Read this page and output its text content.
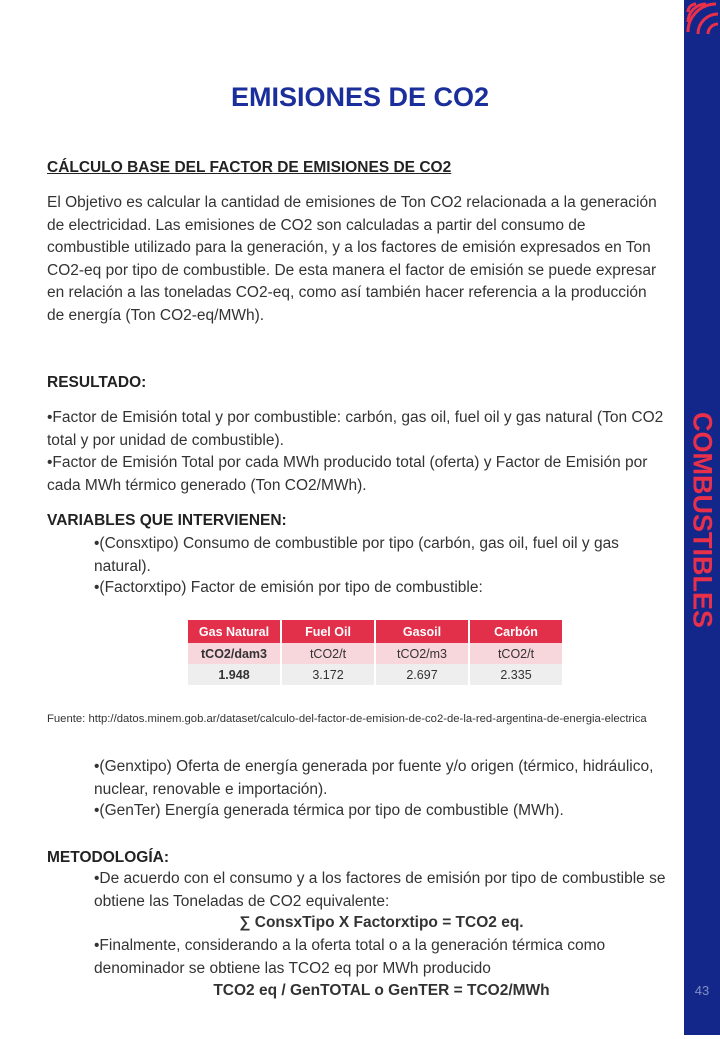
COMBUSTIBLES
43
EMISIONES DE CO2
CÁLCULO BASE DEL FACTOR DE EMISIONES DE CO2

El Objetivo es calcular la cantidad de emisiones de Ton CO2 relacionada a la generación de electricidad. Las emisiones de CO2 son calculadas a partir del consumo de combustible utilizado para la generación, y a los factores de emisión expresados en Ton CO2-eq por tipo de combustible. De esta manera el factor de emisión se puede expresar en relación a las toneladas CO2-eq, como así también hacer referencia a la producción de energía (Ton CO2-eq/MWh).

RESULTADO:

•Factor de Emisión total y por combustible: carbón, gas oil, fuel oil y gas natural (Ton CO2 total y por unidad de combustible).

•Factor de Emisión Total por cada MWh producido total (oferta) y Factor de Emisión por cada MWh térmico generado (Ton CO2/MWh).

VARIABLES QUE INTERVIENEN:

•(Consxtipo) Consumo de combustible por tipo (carbón, gas oil, fuel oil y gas natural).

•(Factorxtipo) Factor de emisión por tipo de combustible:

Gas Natural	Fuel Oil	Gasoil	Carbón
tCO2/dam3	tCO2/t	tCO2/m3	tCO2/t
1.948	3.172	2.697	2.335
Fuente: http://datos.minem.gob.ar/dataset/calculo-del-factor-de-emision-de-co2-de-la-red-argentina-de-energia-electrica

•(Genxtipo) Oferta de energía generada por fuente y/o origen (térmico, hidráulico, nuclear, renovable e importación).

•(GenTer) Energía generada térmica por tipo de combustible (MWh).

METODOLOGÍA:

•De acuerdo con el consumo y a los factores de emisión por tipo de combustible se obtiene las Toneladas de CO2 equivalente:

∑ ConsxTipo X Factorxtipo = TCO2 eq.

•Finalmente, considerando a la oferta total o a la generación térmica como denominador se obtiene las TCO2 eq por MWh producido

TCO2 eq / GenTOTAL o GenTER = TCO2/MWh
